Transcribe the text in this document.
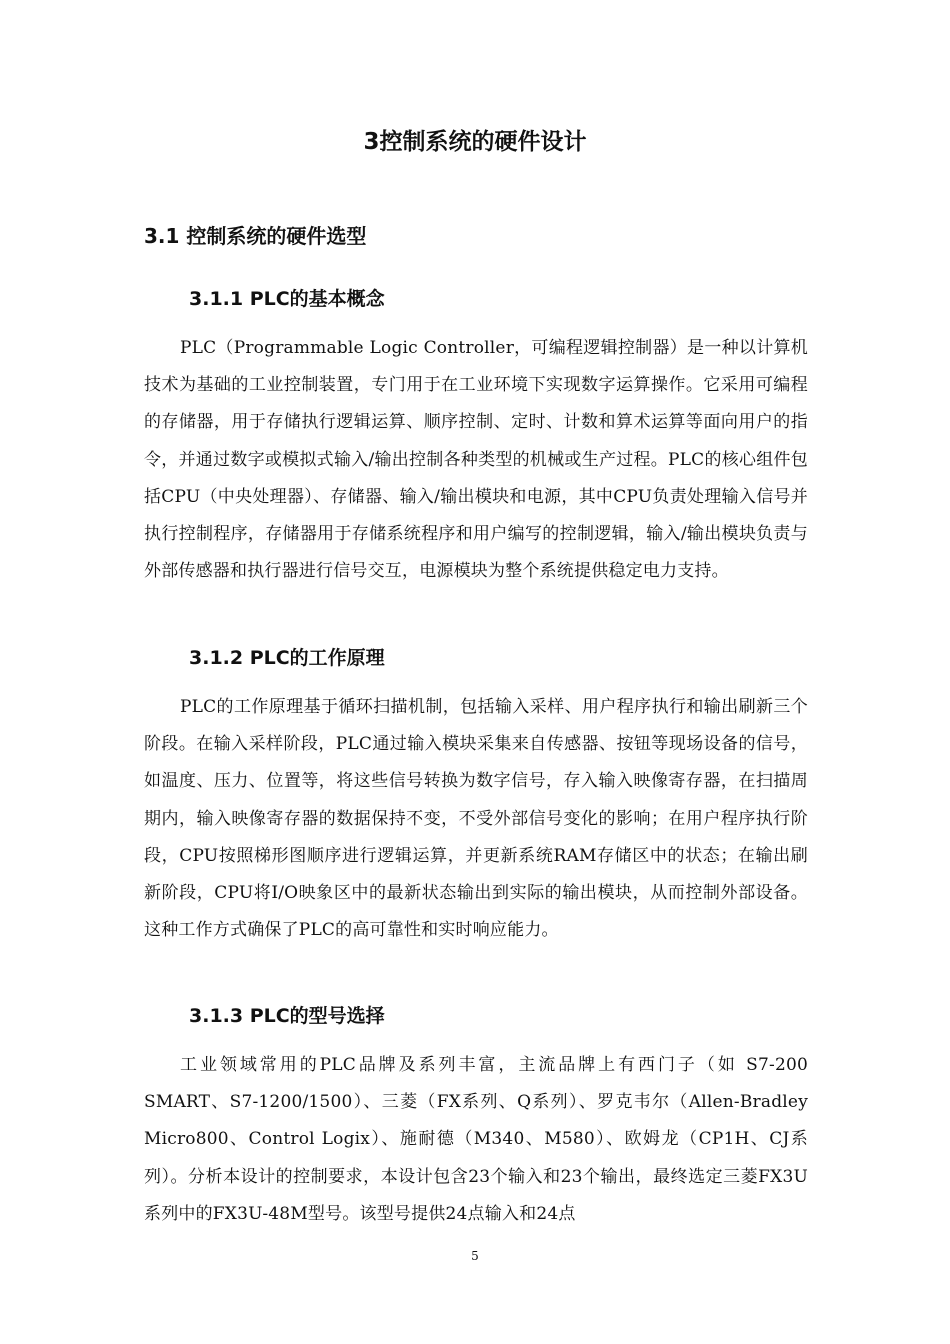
3控制系统的硬件设计
3.1 控制系统的硬件选型
3.1.1 PLC的基本概念

PLC（Programmable Logic Controller，可编程逻辑控制器）是一种以计算机技术为基础的工业控制装置，专门用于在工业环境下实现数字运算操作。它采用可编程的存储器，用于存储执行逻辑运算、顺序控制、定时、计数和算术运算等面向用户的指令，并通过数字或模拟式输入/输出控制各种类型的机械或生产过程。PLC的核心组件包括CPU（中央处理器）、存储器、输入/输出模块和电源，其中CPU负责处理输入信号并执行控制程序，存储器用于存储系统程序和用户编写的控制逻辑，输入/输出模块负责与外部传感器和执行器进行信号交互，电源模块为整个系统提供稳定电力支持。

3.1.2 PLC的工作原理

PLC的工作原理基于循环扫描机制，包括输入采样、用户程序执行和输出刷新三个阶段。在输入采样阶段，PLC通过输入模块采集来自传感器、按钮等现场设备的信号，如温度、压力、位置等，将这些信号转换为数字信号，存入输入映像寄存器，在扫描周期内，输入映像寄存器的数据保持不变，不受外部信号变化的影响；在用户程序执行阶段，CPU按照梯形图顺序进行逻辑运算，并更新系统RAM存储区中的状态；在输出刷新阶段，CPU将I/O映象区中的最新状态输出到实际的输出模块，从而控制外部设备。这种工作方式确保了PLC的高可靠性和实时响应能力。

3.1.3 PLC的型号选择

工业领域常用的PLC品牌及系列丰富，主流品牌上有西门子（如 S7-200 SMART、S7-1200/1500）、三菱（FX系列、Q系列）、罗克韦尔（Allen-Bradley Micro800、Control Logix）、施耐德（M340、M580）、欧姆龙（CP1H、CJ系列）。分析本设计的控制要求，本设计包含23个输入和23个输出，最终选定三菱FX3U系列中的FX3U-48M型号。该型号提供24点输入和24点

5
